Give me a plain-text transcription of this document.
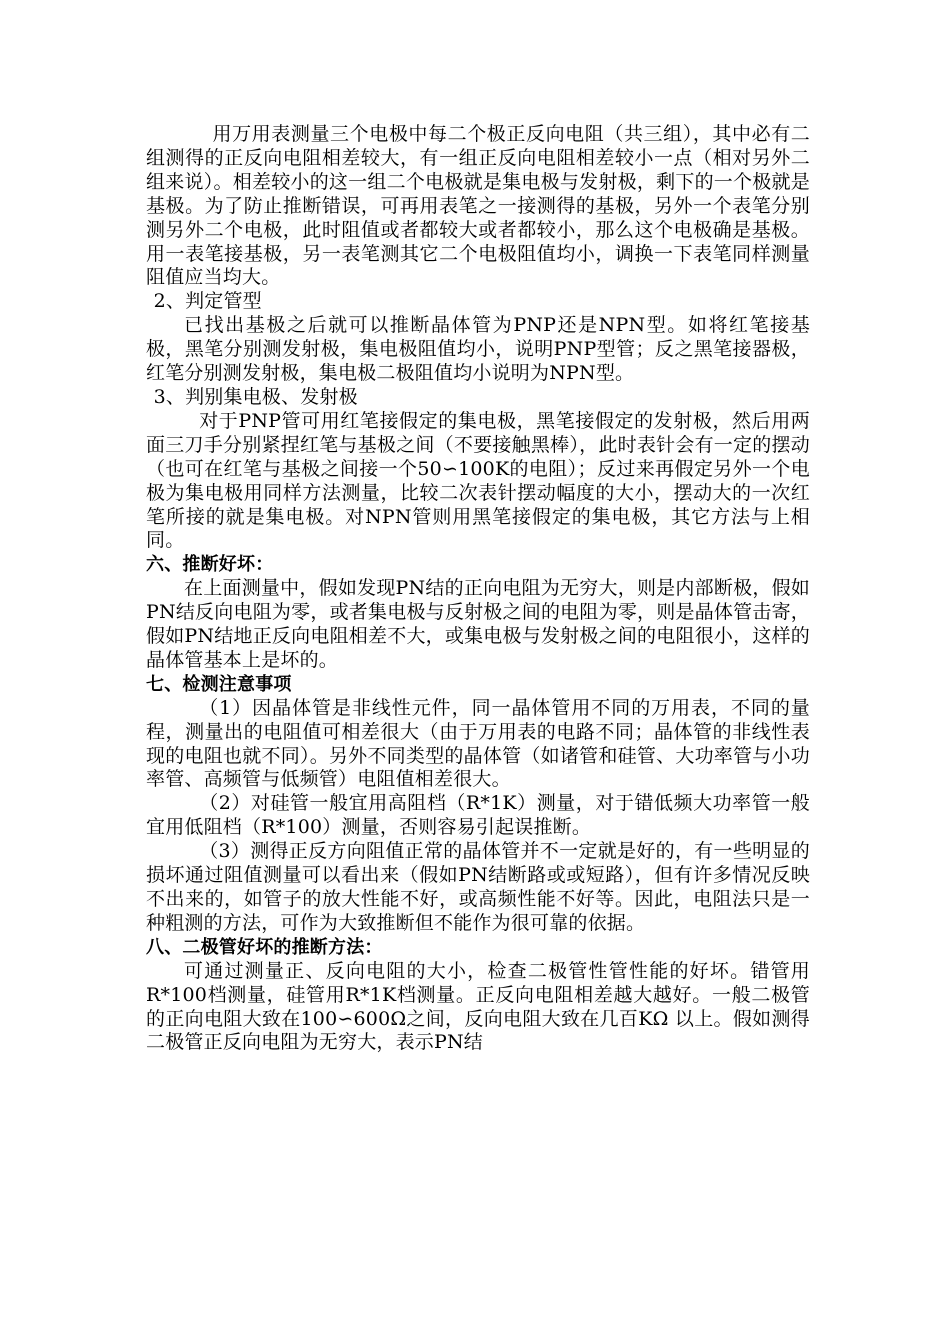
用万用表测量三个电极中每二个极正反向电阻（共三组），其中必有二组测得的正反向电阻相差较大，有一组正反向电阻相差较小一点（相对另外二组来说）。相差较小的这一组二个电极就是集电极与发射极，剩下的一个极就是基极。为了防止推断错误，可再用表笔之一接测得的基极，另外一个表笔分别测另外二个电极，此时阻值或者都较大或者都较小，那么这个电极确是基极。用一表笔接基极，另一表笔测其它二个电极阻值均小，调换一下表笔同样测量阻值应当均大。

2、判定管型

已找出基极之后就可以推断晶体管为PNP还是NPN型。如将红笔接基极，黑笔分别测发射极，集电极阻值均小，说明PNP型管；反之黑笔接器极，红笔分别测发射极，集电极二极阻值均小说明为NPN型。

3、判别集电极、发射极

对于PNP管可用红笔接假定的集电极，黑笔接假定的发射极，然后用两面三刀手分别紧捏红笔与基极之间（不要接触黑棒），此时表针会有一定的摆动（也可在红笔与基极之间接一个50∽100K的电阻）；反过来再假定另外一个电极为集电极用同样方法测量，比较二次表针摆动幅度的大小，摆动大的一次红笔所接的就是集电极。对NPN管则用黑笔接假定的集电极，其它方法与上相同。

六、推断好坏：

在上面测量中，假如发现PN结的正向电阻为无穷大，则是内部断极，假如PN结反向电阻为零，或者集电极与反射极之间的电阻为零，则是晶体管击寄，假如PN结地正反向电阻相差不大，或集电极与发射极之间的电阻很小，这样的晶体管基本上是坏的。

七、检测注意事项

（1）因晶体管是非线性元件，同一晶体管用不同的万用表，不同的量程，测量出的电阻值可相差很大（由于万用表的电路不同；晶体管的非线性表现的电阻也就不同）。另外不同类型的晶体管（如诸管和硅管、大功率管与小功率管、高频管与低频管）电阻值相差很大。

（2）对硅管一般宜用高阻档（R*1K）测量，对于错低频大功率管一般宜用低阻档（R*100）测量，否则容易引起误推断。

（3）测得正反方向阻值正常的晶体管并不一定就是好的，有一些明显的损坏通过阻值测量可以看出来（假如PN结断路或或短路），但有许多情况反映不出来的，如管子的放大性能不好，或高频性能不好等。因此，电阻法只是一种粗测的方法，可作为大致推断但不能作为很可靠的依据。

八、二极管好坏的推断方法：

可通过测量正、反向电阻的大小，检查二极管性管性能的好坏。错管用R*100档测量，硅管用R*1K档测量。正反向电阻相差越大越好。一般二极管的正向电阻大致在100∽600Ω之间，反向电阻大致在几百KΩ 以上。假如测得二极管正反向电阻为无穷大，表示PN结
